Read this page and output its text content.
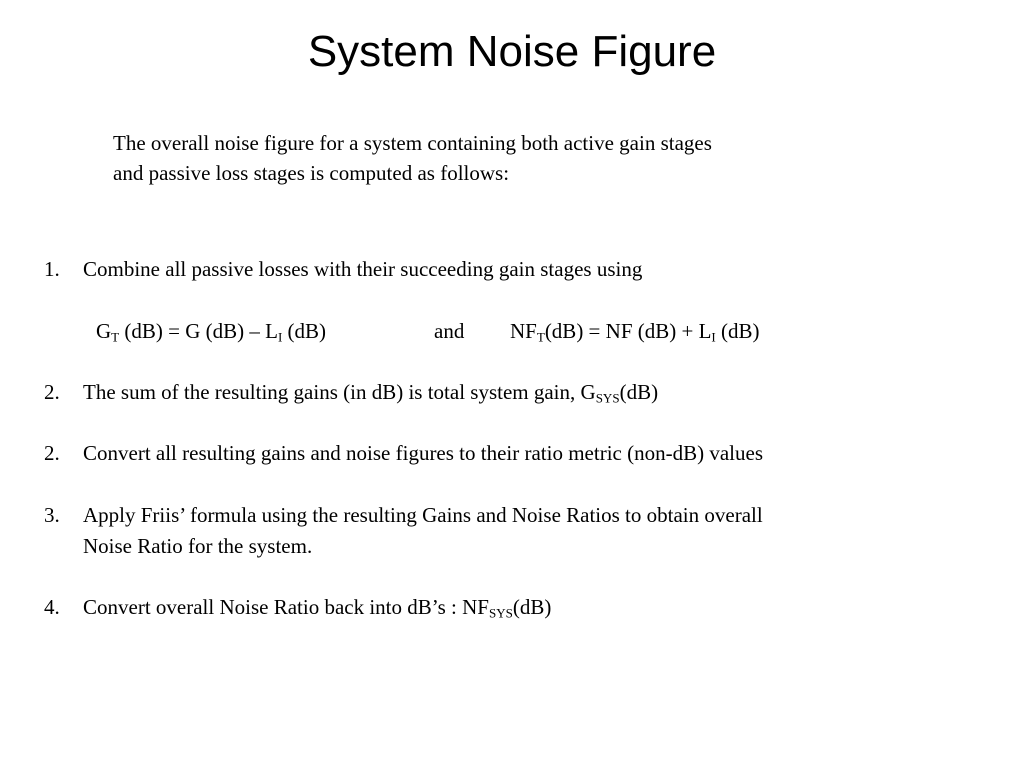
System Noise Figure
The overall noise figure for a system containing both active gain stages
and passive loss stages is computed as follows:
1.	Combine all passive losses with their succeeding gain stages using
$G_T$ (dB) = G $(dB) - L_I$ (dB)	and $NF_T(dB)$ = NF $(dB) + L_I$ (dB)
2.	The sum of the resulting gains (in dB) is total system gain, $G_{SYS}(dB)$
2.	Convert all resulting gains and noise figures to their ratio metric (non-dB) values
3.	Apply Friis’ formula using the resulting Gains and Noise Ratios to obtain overall
Noise Ratio for the system.
4.	Convert overall Noise Ratio back into dB’s : $NF_{SYS}(dB)$
